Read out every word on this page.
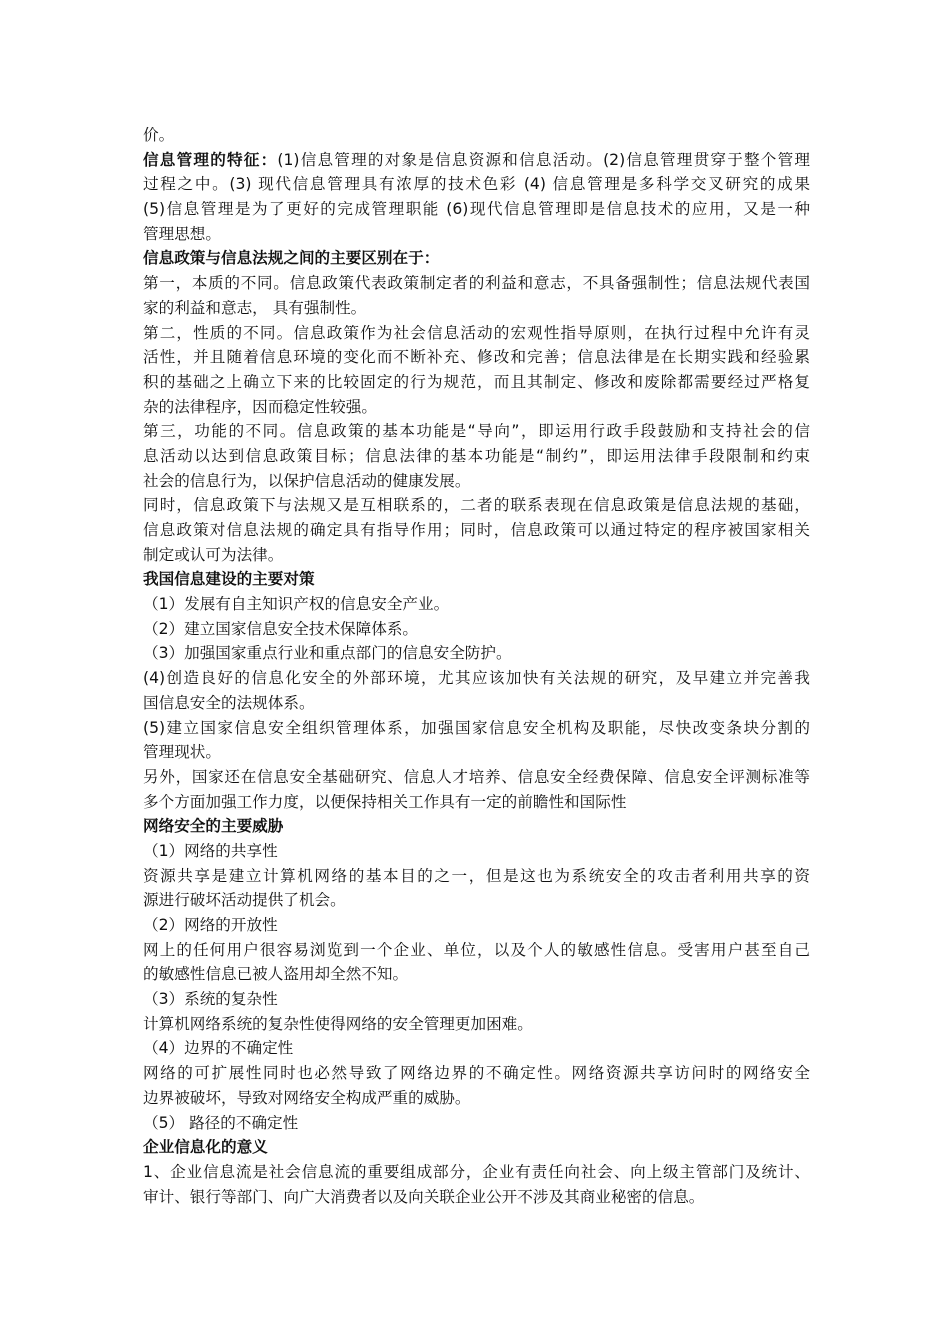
价。

信息管理的特征：(1)信息管理的对象是信息资源和信息活动。(2)信息管理贯穿于整个管理

过程之中。(3) 现代信息管理具有浓厚的技术色彩 (4) 信息管理是多科学交叉研究的成果

(5)信息管理是为了更好的完成管理职能 (6)现代信息管理即是信息技术的应用，又是一种

管理思想。

信息政策与信息法规之间的主要区别在于：

第一，本质的不同。信息政策代表政策制定者的利益和意志，不具备强制性；信息法规代表国

家的利益和意志， 具有强制性。

第二，性质的不同。信息政策作为社会信息活动的宏观性指导原则，在执行过程中允许有灵

活性，并且随着信息环境的变化而不断补充、修改和完善；信息法律是在长期实践和经验累

积的基础之上确立下来的比较固定的行为规范，而且其制定、修改和废除都需要经过严格复

杂的法律程序，因而稳定性较强。

第三，功能的不同。信息政策的基本功能是“导向”，即运用行政手段鼓励和支持社会的信

息活动以达到信息政策目标；信息法律的基本功能是“制约”，即运用法律手段限制和约束

社会的信息行为，以保护信息活动的健康发展。

同时，信息政策下与法规又是互相联系的，二者的联系表现在信息政策是信息法规的基础，

信息政策对信息法规的确定具有指导作用；同时，信息政策可以通过特定的程序被国家相关

制定或认可为法律。

我国信息建设的主要对策

（1）发展有自主知识产权的信息安全产业。

（2）建立国家信息安全技术保障体系。

（3）加强国家重点行业和重点部门的信息安全防护。

(4)创造良好的信息化安全的外部环境，尤其应该加快有关法规的研究，及早建立并完善我

国信息安全的法规体系。

(5)建立国家信息安全组织管理体系，加强国家信息安全机构及职能，尽快改变条块分割的

管理现状。

另外，国家还在信息安全基础研究、信息人才培养、信息安全经费保障、信息安全评测标准等

多个方面加强工作力度，以便保持相关工作具有一定的前瞻性和国际性

网络安全的主要威胁

（1）网络的共享性

资源共享是建立计算机网络的基本目的之一，但是这也为系统安全的攻击者利用共享的资

源进行破坏活动提供了机会。

（2）网络的开放性

网上的任何用户很容易浏览到一个企业、单位，以及个人的敏感性信息。受害用户甚至自己

的敏感性信息已被人盗用却全然不知。

（3）系统的复杂性

计算机网络系统的复杂性使得网络的安全管理更加困难。

（4）边界的不确定性

网络的可扩展性同时也必然导致了网络边界的不确定性。网络资源共享访问时的网络安全

边界被破坏，导致对网络安全构成严重的威胁。

（5） 路径的不确定性

企业信息化的意义

1、企业信息流是社会信息流的重要组成部分，企业有责任向社会、向上级主管部门及统计、

审计、银行等部门、向广大消费者以及向关联企业公开不涉及其商业秘密的信息。
